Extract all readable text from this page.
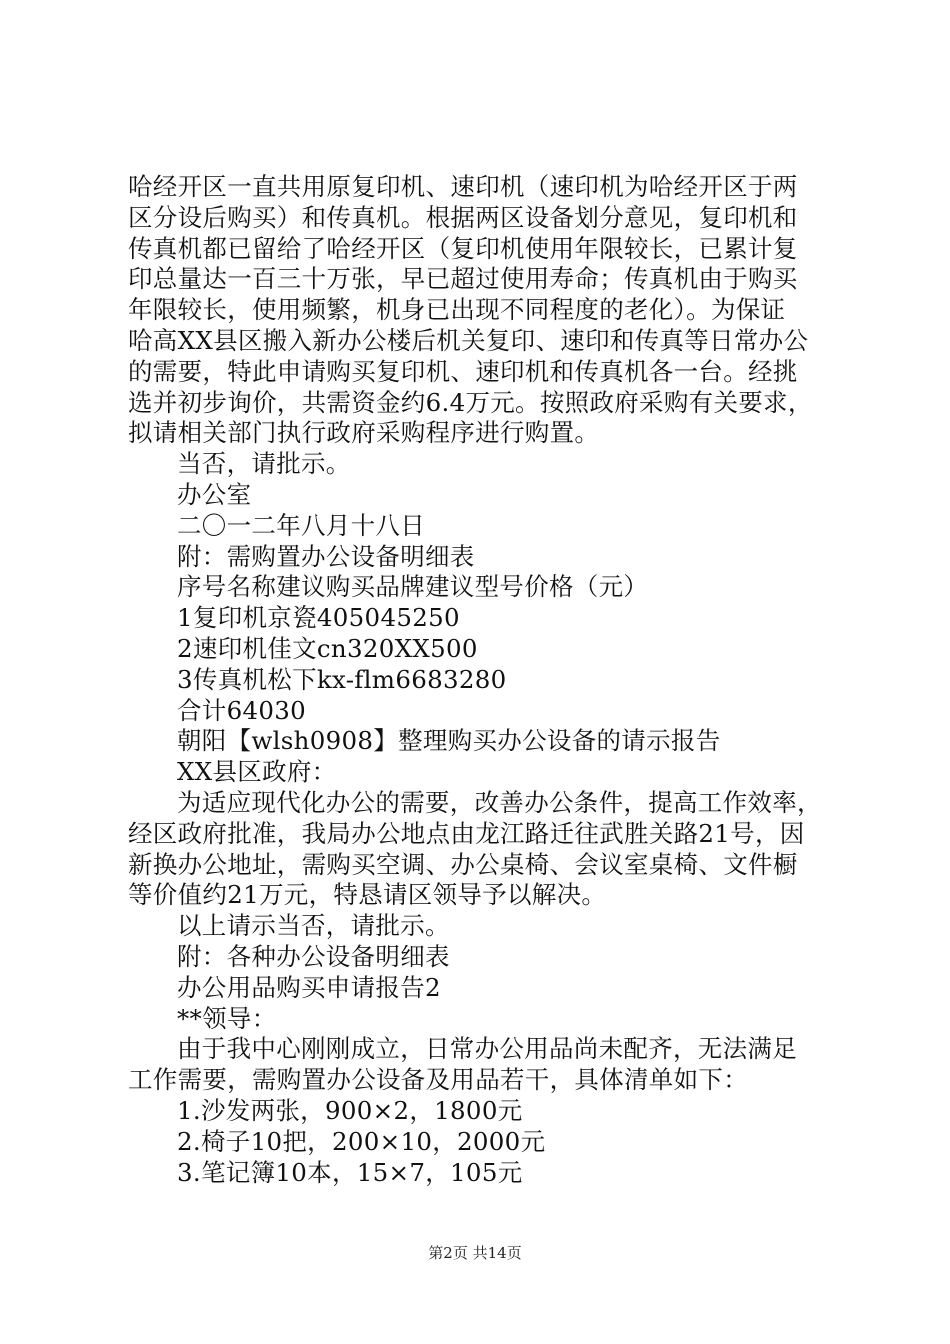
哈经开区一直共用原复印机、速印机（速印机为哈经开区于两
区分设后购买）和传真机。根据两区设备划分意见，复印机和
传真机都已留给了哈经开区（复印机使用年限较长，已累计复
印总量达一百三十万张，早已超过使用寿命；传真机由于购买
年限较长，使用频繁，机身已出现不同程度的老化）。为保证
哈高XX县区搬入新办公楼后机关复印、速印和传真等日常办公
的需要，特此申请购买复印机、速印机和传真机各一台。经挑
选并初步询价，共需资金约6.4万元。按照政府采购有关要求，
拟请相关部门执行政府采购程序进行购置。
当否，请批示。
办公室
二〇一二年八月十八日
附：需购置办公设备明细表
序号名称建议购买品牌建议型号价格（元）
1复印机京瓷405045250
2速印机佳文cn320XX500
3传真机松下kx-flm6683280
合计64030
朝阳【wlsh0908】整理购买办公设备的请示报告
XX县区政府：
为适应现代化办公的需要，改善办公条件，提高工作效率，
经区政府批准，我局办公地点由龙江路迁往武胜关路21号，因
新换办公地址，需购买空调、办公桌椅、会议室桌椅、文件橱
等价值约21万元，特恳请区领导予以解决。
以上请示当否，请批示。
附：各种办公设备明细表
办公用品购买申请报告2
**领导：
由于我中心刚刚成立，日常办公用品尚未配齐，无法满足
工作需要，需购置办公设备及用品若干，具体清单如下：
1.沙发两张，900×2，1800元
2.椅子10把，200×10，2000元
3.笔记簿10本，15×7，105元
第2页 共14页
